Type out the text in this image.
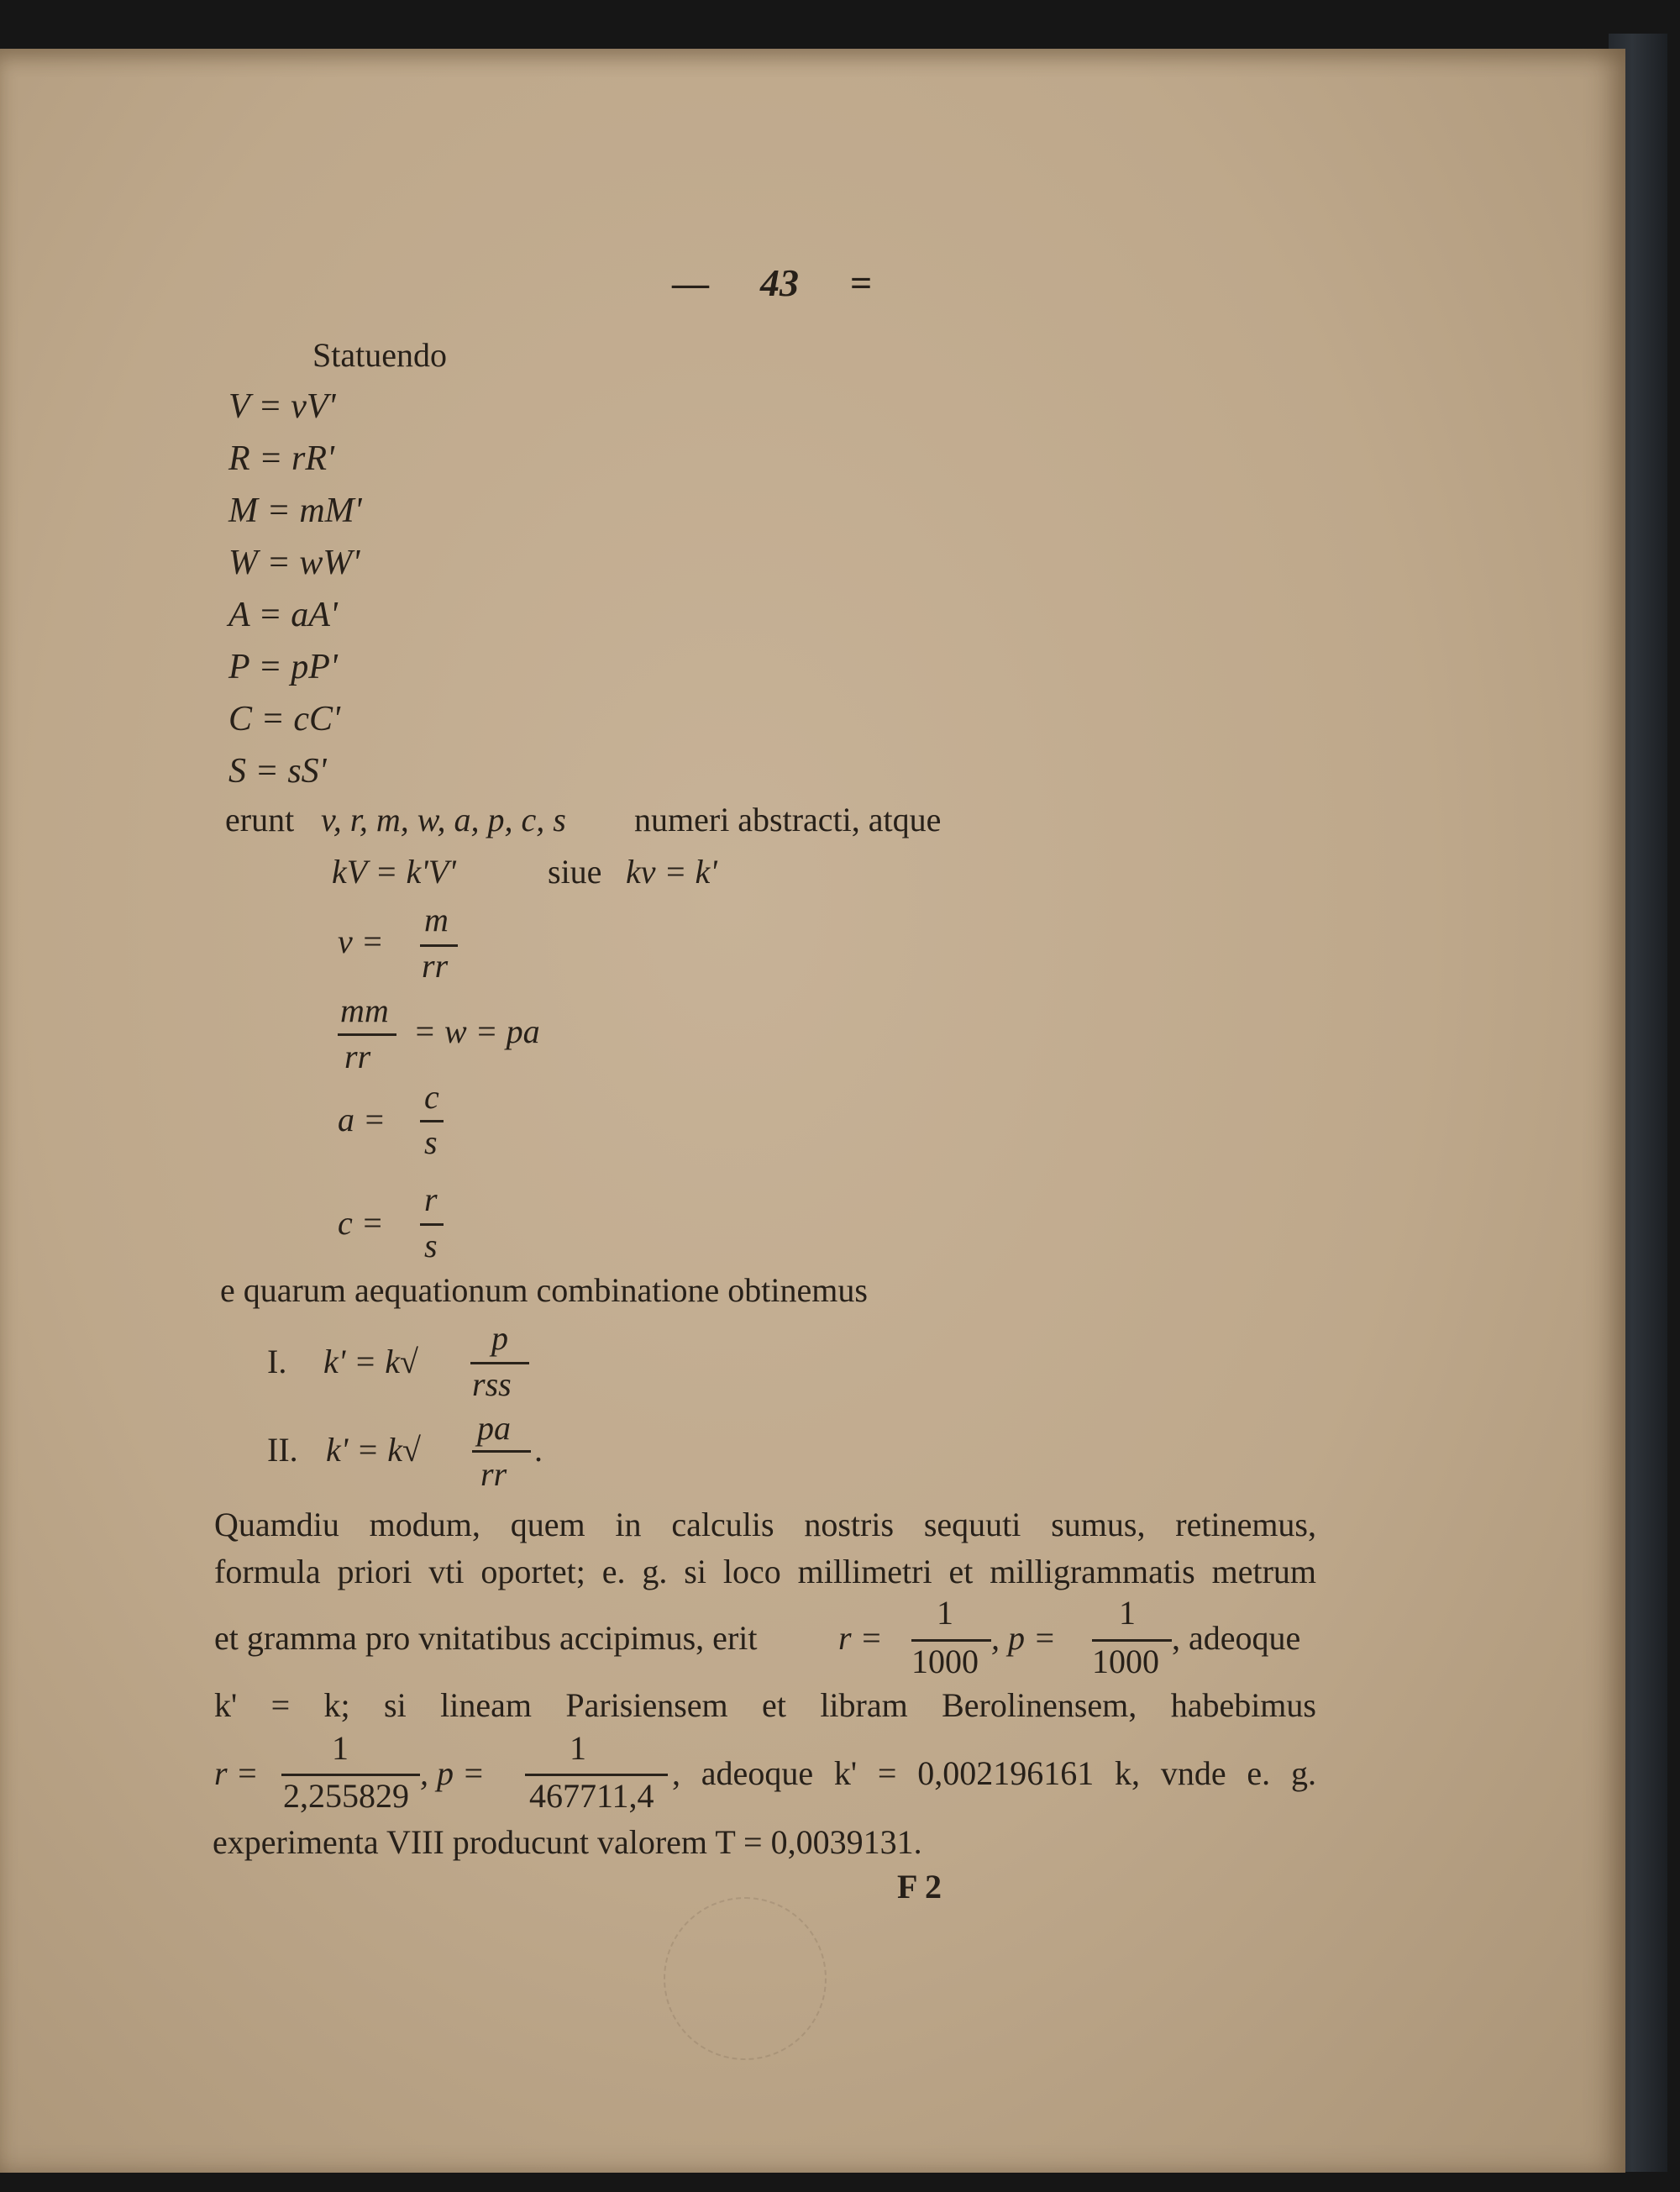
— 43 =
Statuendo
V = vV'
R = rR'
M = mM'
W = wW'
A = aA'
P = pP'
C = cC'
S = sS'
erunt v, r, m, w, a, p, c, s numeri abstracti, atque
kV = k'V'	siue kv = k'
v =
m
rr
mm
rr
= w = pa
a =
c
s
c =
r
s
e quarum aequationum combinatione obtinemus
I. k' = k√
p
rss
II. k' = k√
pa
rr
.
Quamdiu modum, quem in calculis nostris sequuti sumus, retinemus,
formula priori vti oportet; e. g. si loco millimetri et milligrammatis metrum
et gramma pro vnitatibus accipimus, erit r =
1
1000
, p =
1
1000
, adeoque
k' = k; si lineam Parisiensem et libram Berolinensem, habebimus
r =
1
2,255829
, p =
1
467711,4
, adeoque k' = 0,002196161 k, vnde e. g.
experimenta VIII producunt valorem T = 0,0039131.
F 2
